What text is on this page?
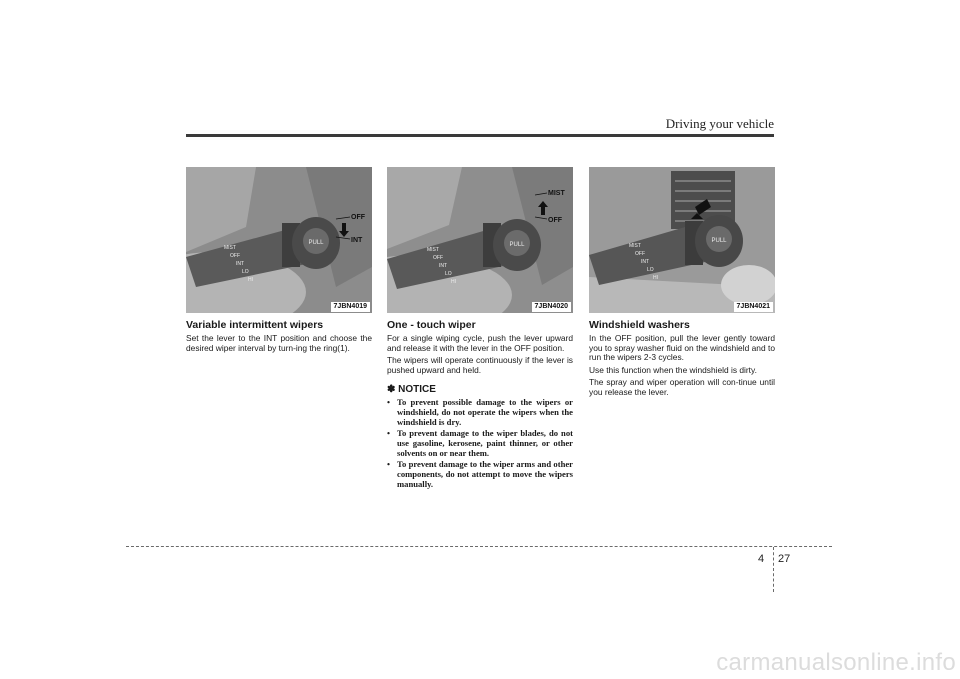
Driving your vehicle
PULL
MIST
OFF
INT
LO
HI
OFF
INT
7JBN4019
Variable intermittent wipers

Set the lever to the INT position and choose the desired wiper interval by turn-ing the ring(1).

PULL
MIST
OFF
INT
LO
HI
MIST
OFF
7JBN4020
One - touch wiper

For a single wiping cycle, push the lever upward and release it with the lever in the OFF position.

The wipers will operate continuously if the lever is pushed upward and held.

✽ NOTICE
• To prevent possible damage to the wipers or windshield, do not operate the wipers when the windshield is dry.
• To prevent damage to the wiper blades, do not use gasoline, kerosene, paint thinner, or other solvents on or near them.
• To prevent damage to the wiper arms and other components, do not attempt to move the wipers manually.
PULL
MIST
OFF
INT
LO
HI
7JBN4021
Windshield washers

In the OFF position, pull the lever gently toward you to spray washer fluid on the windshield and to run the wipers 2-3 cycles.

Use this function when the windshield is dirty.

The spray and wiper operation will con-tinue until you release the lever.

4 27
carmanualsonline.info
